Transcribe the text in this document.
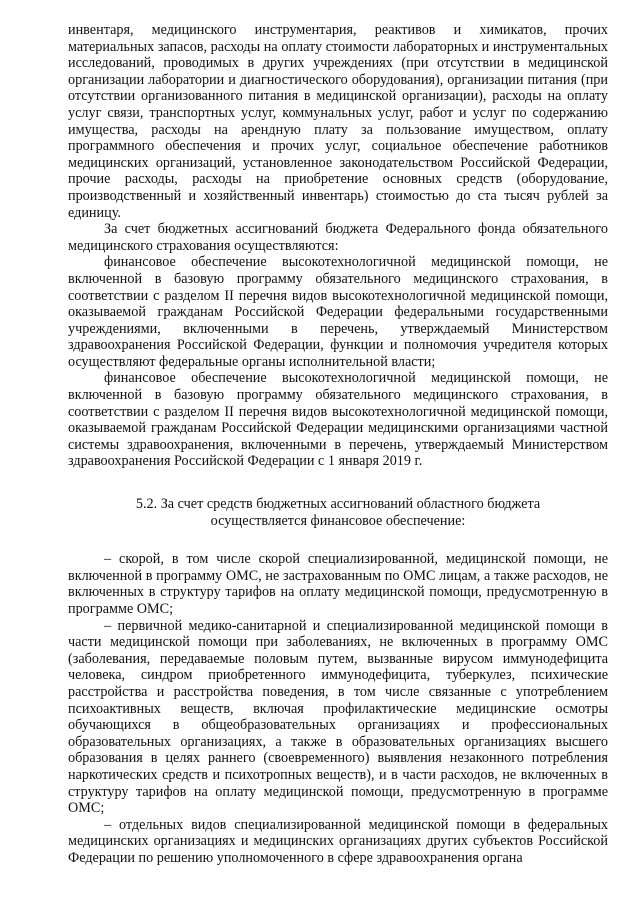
инвентаря, медицинского инструментария, реактивов и химикатов, прочих материальных запасов, расходы на оплату стоимости лабораторных и инструментальных исследований, проводимых в других учреждениях (при отсутствии в медицинской организации лаборатории и диагностического оборудования), организации питания (при отсутствии организованного питания в медицинской организации), расходы на оплату услуг связи, транспортных услуг, коммунальных услуг, работ и услуг по содержанию имущества, расходы на арендную плату за пользование имуществом, оплату программного обеспечения и прочих услуг, социальное обеспечение работников медицинских организаций, установленное законодательством Российской Федерации, прочие расходы, расходы на приобретение основных средств (оборудование, производственный и хозяйственный инвентарь) стоимостью до ста тысяч рублей за единицу.

За счет бюджетных ассигнований бюджета Федерального фонда обязательного медицинского страхования осуществляются:

финансовое обеспечение высокотехнологичной медицинской помощи, не включенной в базовую программу обязательного медицинского страхования, в соответствии с разделом II перечня видов высокотехнологичной медицинской помощи, оказываемой гражданам Российской Федерации федеральными государственными учреждениями, включенными в перечень, утверждаемый Министерством здравоохранения Российской Федерации, функции и полномочия учредителя которых осуществляют федеральные органы исполнительной власти;

финансовое обеспечение высокотехнологичной медицинской помощи, не включенной в базовую программу обязательного медицинского страхования, в соответствии с разделом II перечня видов высокотехнологичной медицинской помощи, оказываемой гражданам Российской Федерации медицинскими организациями частной системы здравоохранения, включенными в перечень, утверждаемый Министерством здравоохранения Российской Федерации с 1 января 2019 г.

5.2. За счет средств бюджетных ассигнований областного бюджета осуществляется финансовое обеспечение:

– скорой, в том числе скорой специализированной, медицинской помощи, не включенной в программу ОМС, не застрахованным по ОМС лицам, а также расходов, не включенных в структуру тарифов на оплату медицинской помощи, предусмотренную в программе ОМС;

– первичной медико-санитарной и специализированной медицинской помощи в части медицинской помощи при заболеваниях, не включенных в программу ОМС (заболевания, передаваемые половым путем, вызванные вирусом иммунодефицита человека, синдром приобретенного иммунодефицита, туберкулез, психические расстройства и расстройства поведения, в том числе связанные с употреблением психоактивных веществ, включая профилактические медицинские осмотры обучающихся в общеобразовательных организациях и профессиональных образовательных организациях, а также в образовательных организациях высшего образования в целях раннего (своевременного) выявления незаконного потребления наркотических средств и психотропных веществ), и в части расходов, не включенных в структуру тарифов на оплату медицинской помощи, предусмотренную в программе ОМС;

– отдельных видов специализированной медицинской помощи в федеральных медицинских организациях и медицинских организациях других субъектов Российской Федерации по решению уполномоченного в сфере здравоохранения органа
